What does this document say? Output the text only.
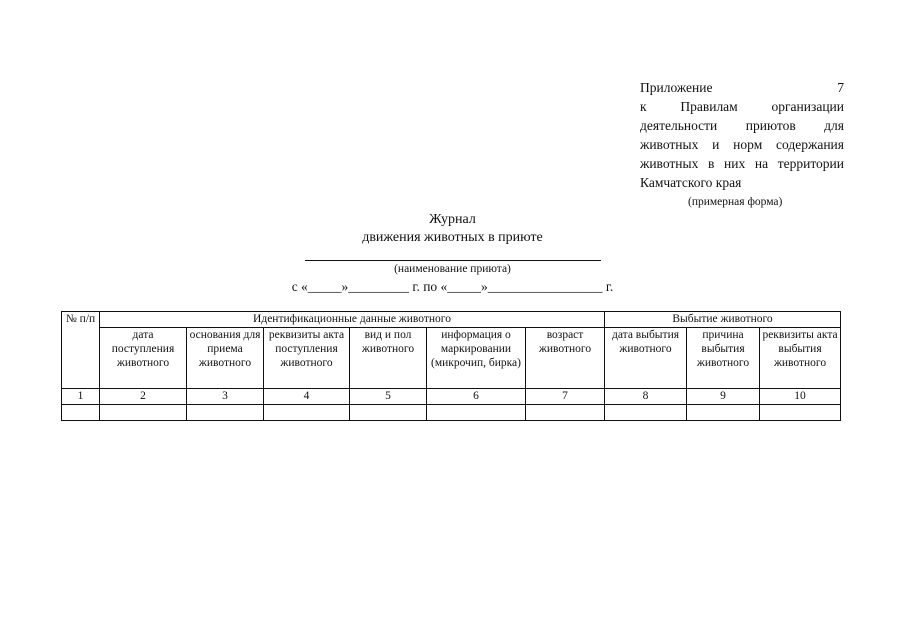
Приложение 7
к Правилам организации
деятельности приютов для
животных и норм содержания
животных в них на территории
Камчатского края
(примерная форма)
Журнал
движения животных в приюте
(наименование приюта)
с «_____»_________ г. по «_____»_________________ г.
№ п/п	Идентификационные данные животного						Выбытие животного		
	дата поступления животного	основания для приема животного	реквизиты акта поступления животного	вид и пол животного	информация о маркировании (микрочип, бирка)	возраст животного	дата выбытия животного	причина выбытия животного	реквизиты акта выбытия животного
1	2	3	4	5	6	7	8	9	10
